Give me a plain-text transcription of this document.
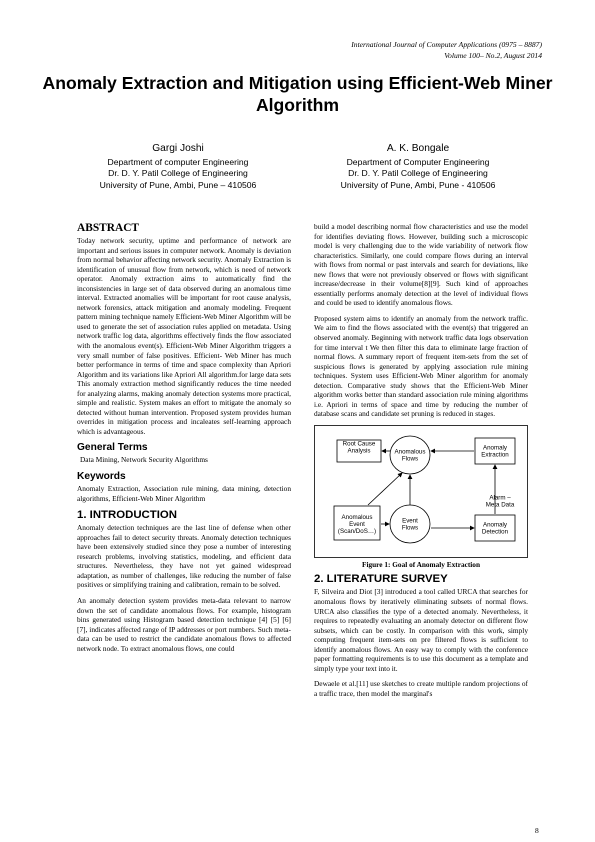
International Journal of Computer Applications (0975 – 8887)
Volume 100– No.2, August 2014
Anomaly Extraction and Mitigation using Efficient-Web Miner Algorithm
Gargi Joshi
Department of computer Engineering
Dr. D. Y. Patil College of Engineering
University of Pune, Ambi, Pune – 410506
A. K. Bongale
Department of Computer Engineering
Dr. D. Y. Patil College of Engineering
University of Pune, Ambi, Pune - 410506
ABSTRACT

Today network security, uptime and performance of network are important and serious issues in computer network. Anomaly is deviation from normal behavior affecting network security. Anomaly Extraction is identification of unusual flow from network, which is need of network operator. Anomaly extraction aims to automatically find the inconsistencies in large set of data observed during an anomalous time interval. Extracted anomalies will be important for root cause analysis, network forensics, attack mitigation and anomaly modeling. Frequent pattern mining technique namely Efficient-Web Miner Algorithm will be used to generate the set of association rules applied on metadata. Using network traffic log data, algorithms effectively finds the flow associated with the anomalous event(s). Efficient-Web Miner Algorithm triggers a very small number of false positives. Efficient- Web Miner has much better performance in terms of time and space complexity than Apriori Algorithm and its variations like Apriori All algorithm.for large data sets This anomaly extraction method significantly reduces the time needed for analyzing alarms, making anomaly detection systems more practical, simple and realistic. System makes an effort to mitigate the anomaly so detected without human intervention. Proposed system provides human overrides in mitigation process and incaleates self-learning approach which is advantageous.

General Terms

Data Mining, Network Security Algorithms

Keywords

Anomaly Extraction, Association rule mining, data mining, detection algorithms, Efficient-Web Miner Algorithm

1. INTRODUCTION

Anomaly detection techniques are the last line of defense when other approaches fail to detect security threats. Anomaly detection techniques have been extensively studied since they pose a number of interesting research problems, involving statistics, modeling, and efficient data structures. Nevertheless, they have not yet gained widespread adaptation, as number of challenges, like reducing the number of false positives or simplifying training and calibration, remain to be solved.

An anomaly detection system provides meta-data relevant to narrow down the set of candidate anomalous flows. For example, histogram bins generated using Histogram based detection technique [4] [5] [6] [7], indicates affected range of IP addresses or port numbers. Such meta-data can be used to restrict the candidate anomalous flows to affected network node. To extract anomalous flows, one could

build a model describing normal flow characteristics and use the model for identifies deviating flows. However, building such a microscopic model is very challenging due to the wide variability of network flow characteristics. Similarly, one could compare flows during an interval with flows from normal or past intervals and search for deviations, like new flows that were not previously observed or flows with significant increase/decrease in their volume[8][9]. Such kind of approaches essentially performs anomaly detection at the level of individual flows and could be used to identify anomalous flows.

Proposed system aims to identify an anomaly from the network traffic. We aim to find the flows associated with the event(s) that triggered an observed anomaly. Beginning with network traffic data logs observation for time interval t We then filter this data to eliminate large fraction of normal flows. A summary report of frequent item-sets from the set of suspicious flows is generated by applying association rule mining techniques. System uses Efficient-Web Miner algorithm for anomaly detection. Comparative study shows that the Efficient-Web Miner algorithm works better than standard association rule mining algorithms i.e. Apriori in terms of space and time by reducing the number of database scans and candidate set pruning is reduced in stages.

Root Cause Analysis	Anomalous Flows
Anomaly Extraction
Alarm – Meta Data
Anomalous Event (Scan/DoS…)
Event Flows	Anomaly Detection
Figure 1: Goal of Anomaly Extraction
2. LITERATURE SURVEY

F, Silveira and Diot [3] introduced a tool called URCA that searches for anomalous flows by iteratively eliminating subsets of normal flows. URCA also classifies the type of a detected anomaly. Nevertheless, it requires to repeatedly evaluating an anomaly detector on different flow subsets, which can be costly. In comparison with this work, simply computing frequent item-sets on pre filtered flows is sufficient to identify anomalous flows. An easy way to comply with the conference paper formatting requirements is to use this document as a template and simply type your text into it.

Dewaele et al.[11] use sketches to create multiple random projections of a traffic trace, then model the marginal's

8
